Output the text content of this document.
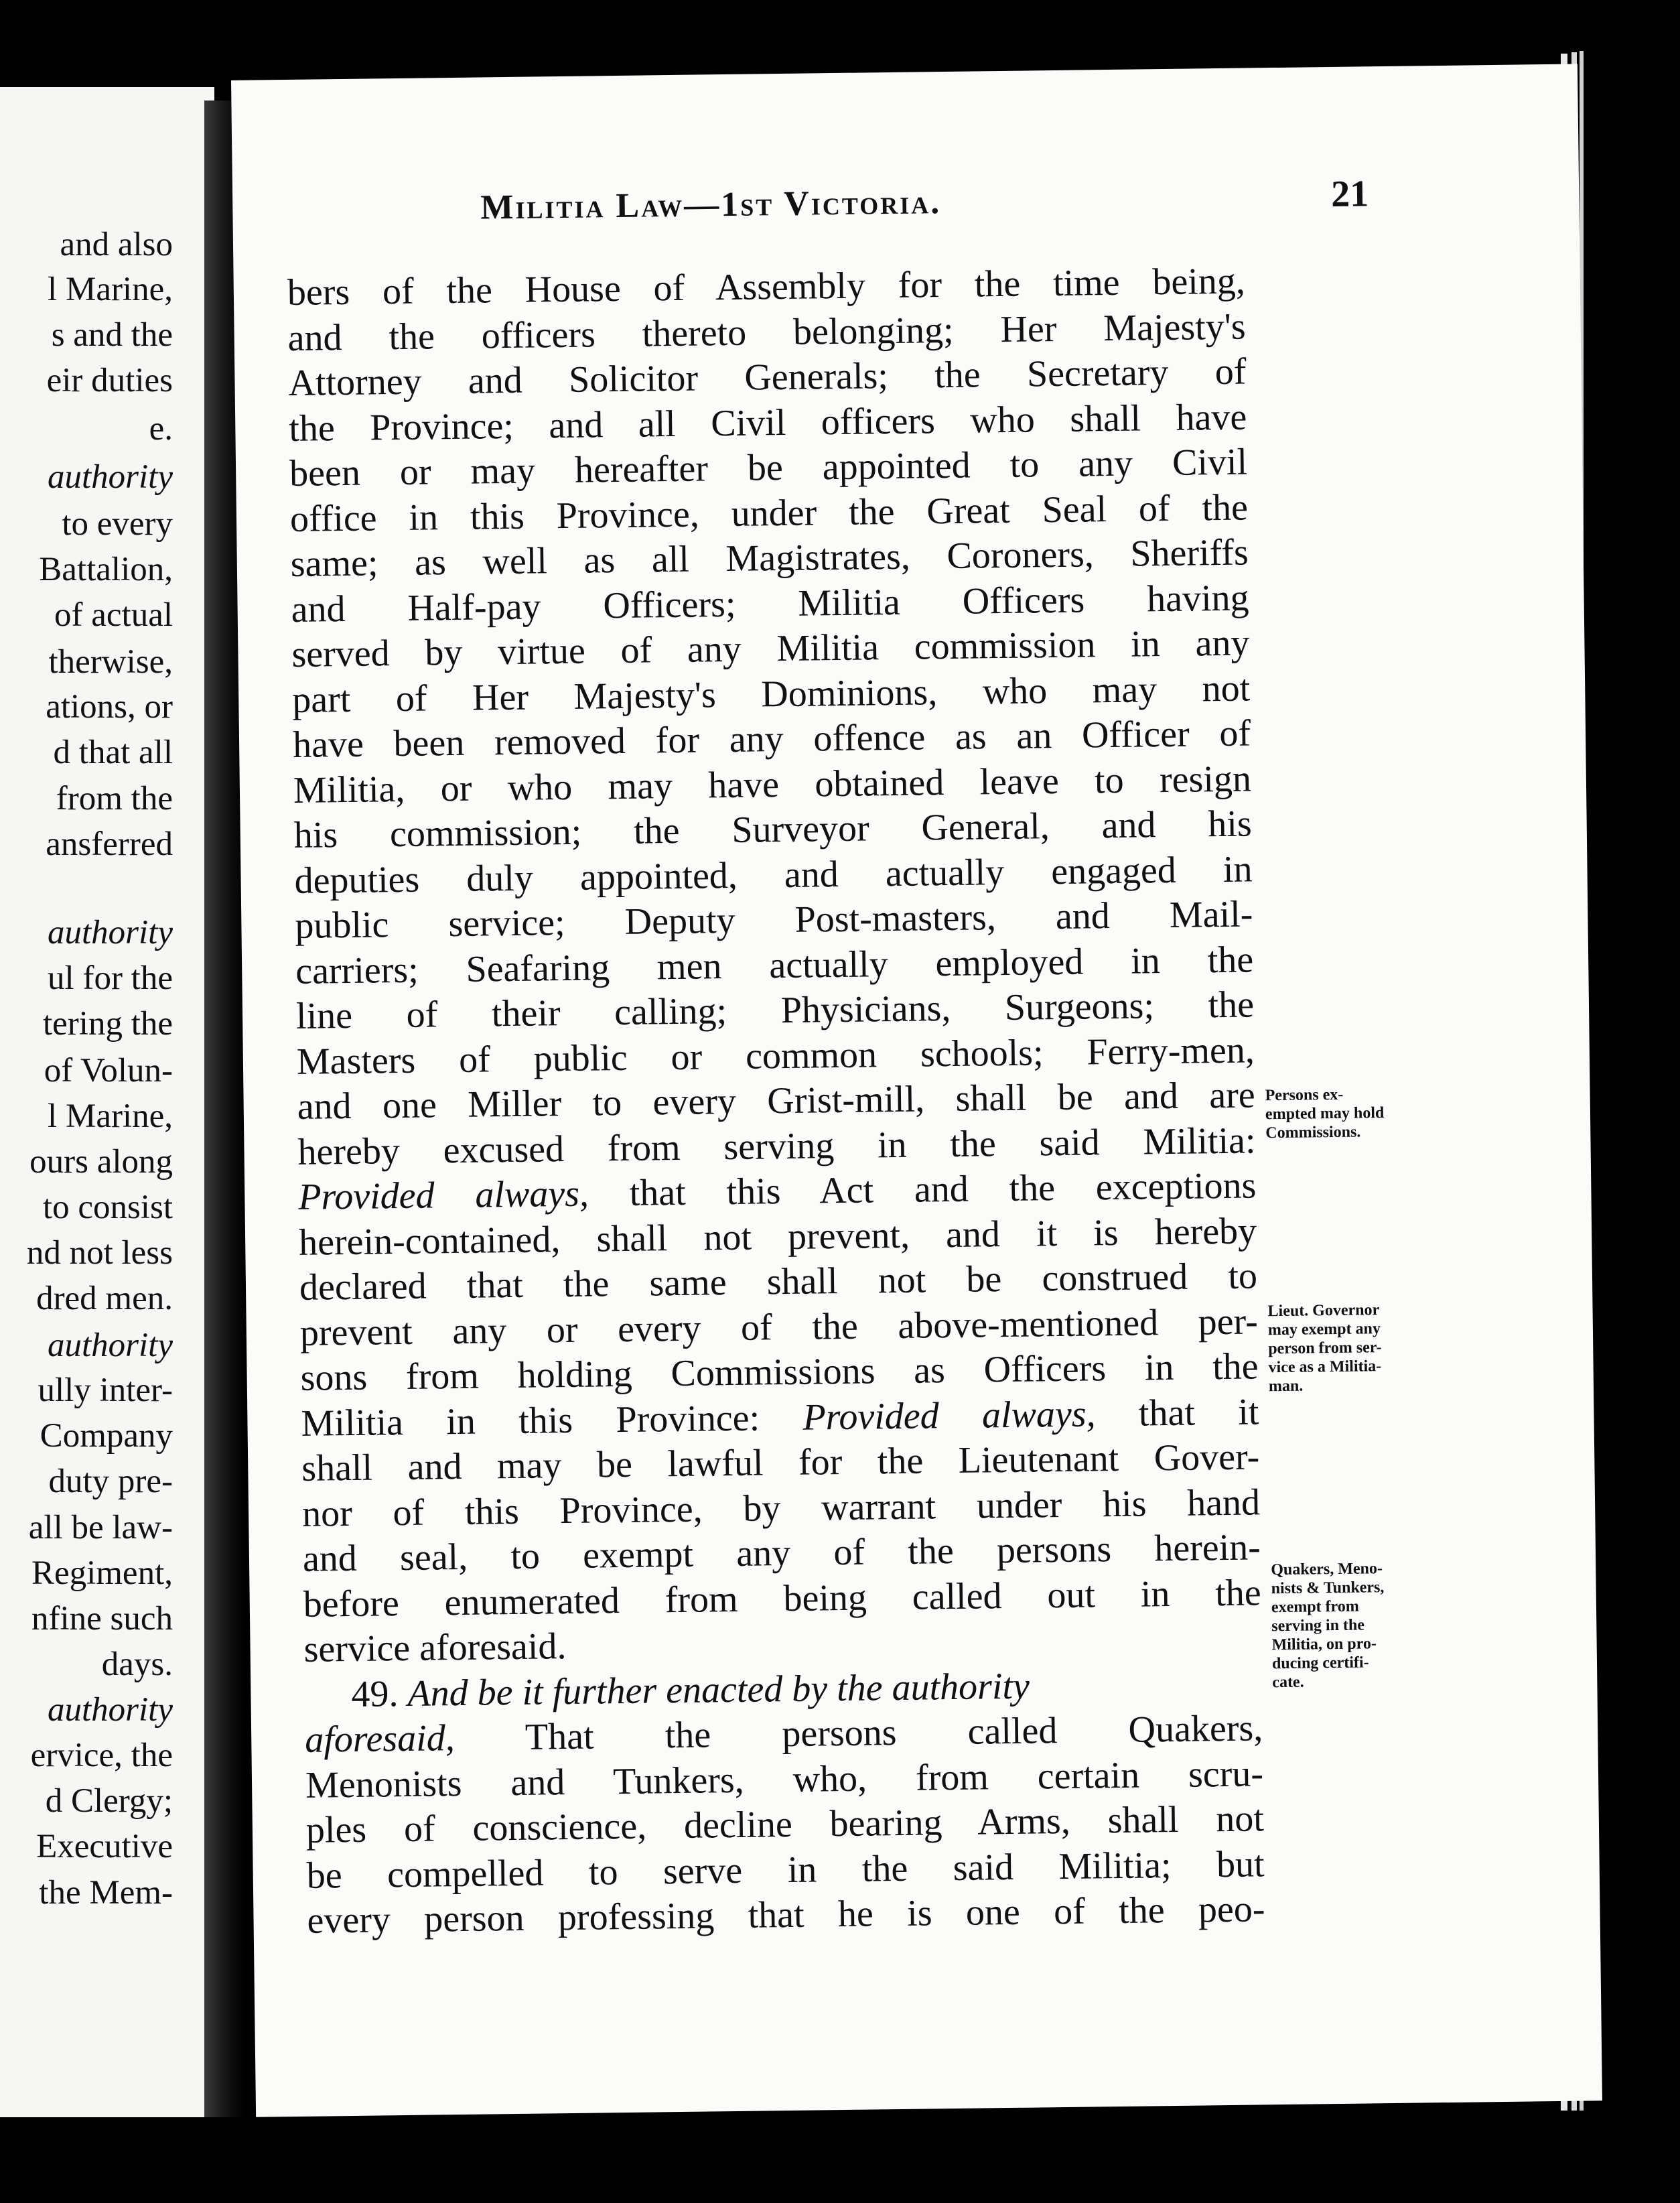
and also
l Marine,
s and the
eir duties
e.
authority
to every
Battalion,
of actual
therwise,
ations, or
d that all
from the
ansferred
authority
ul for the
tering the
of Volun-
l Marine,
ours along
to consist
nd not less
dred men.
authority
ully inter-
Company
duty pre-
all be law-
Regiment,
nfine such
days.
authority
ervice, the
d Clergy;
Executive
the Mem-
Militia Law—1st Victoria.	21
bers of the House of Assembly for the time being,
and the officers thereto belonging; Her Majesty's
Attorney and Solicitor Generals; the Secretary of
the Province; and all Civil officers who shall have
been or may hereafter be appointed to any Civil
office in this Province, under the Great Seal of the
same; as well as all Magistrates, Coroners, Sheriffs
and Half-pay Officers; Militia Officers having
served by virtue of any Militia commission in any
part of Her Majesty's Dominions, who may not
have been removed for any offence as an Officer of
Militia, or who may have obtained leave to resign
his commission; the Surveyor General, and his
deputies duly appointed, and actually engaged in
public service; Deputy Post-masters, and Mail-
carriers; Seafaring men actually employed in the
line of their calling; Physicians, Surgeons; the
Masters of public or common schools; Ferry-men,
and one Miller to every Grist-mill, shall be and are
hereby excused from serving in the said Militia:
Provided always, that this Act and the exceptions
herein-contained, shall not prevent, and it is hereby
declared that the same shall not be construed to
prevent any or every of the above-mentioned per-
sons from holding Commissions as Officers in the
Militia in this Province: Provided always, that it
shall and may be lawful for the Lieutenant Gover-
nor of this Province, by warrant under his hand
and seal, to exempt any of the persons herein-
before enumerated from being called out in the
service aforesaid.
49. And be it further enacted by the authority
aforesaid, That the persons called Quakers,
Menonists and Tunkers, who, from certain scru-
ples of conscience, decline bearing Arms, shall not
be compelled to serve in the said Militia; but
every person professing that he is one of the peo-
Persons ex-
empted may hold
Commissions.
Lieut. Governor
may exempt any
person from ser-
vice as a Militia-
man.
Quakers, Meno-
nists & Tunkers,
exempt from
serving in the
Militia, on pro-
ducing certifi-
cate.
